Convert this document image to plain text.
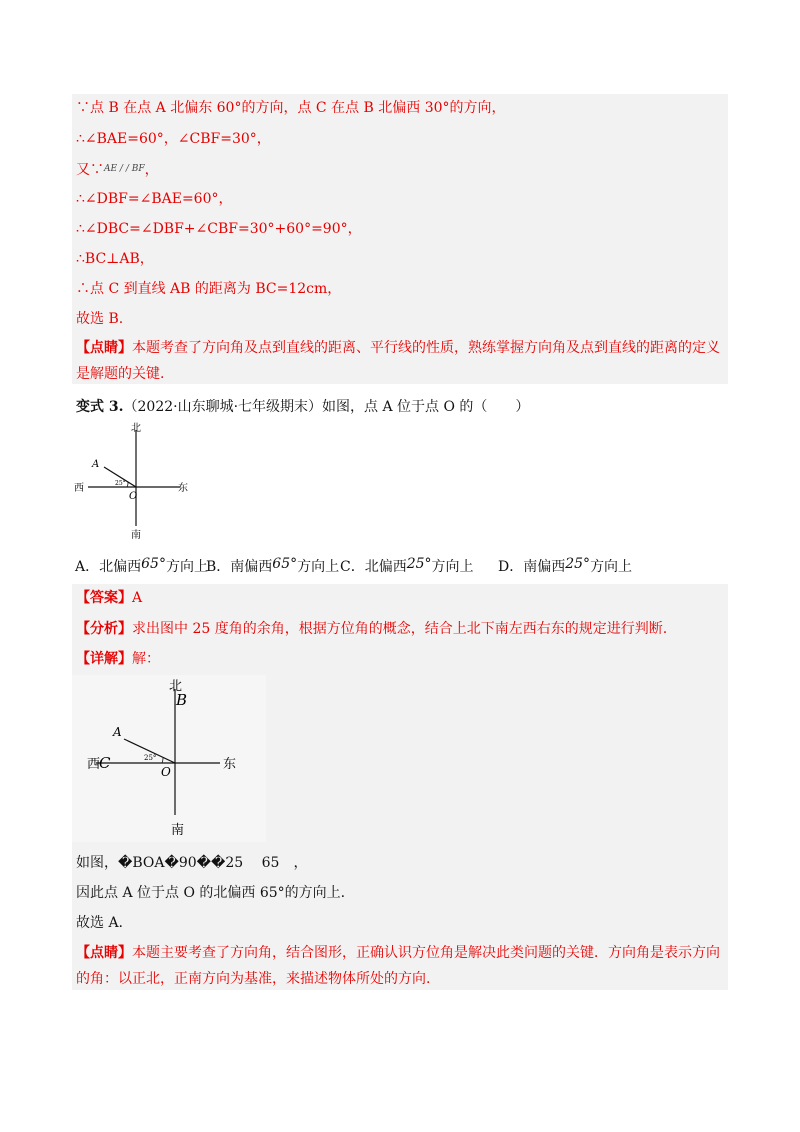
∵点 B 在点 A 北偏东 60°的方向，点 C 在点 B 北偏西 30°的方向，
∴∠BAE=60°，∠CBF=30°，
又∵$^{AE / / BF}$，
∴∠DBF=∠BAE=60°，
∴∠DBC=∠DBF+∠CBF=30°+60°=90°，
∴BC⊥AB，
∴点 C 到直线 AB 的距离为 BC=12cm，
故选 B.
【点睛】本题考查了方向角及点到直线的距离、平行线的性质，熟练掌握方向角及点到直线的距离的定义
是解题的关键.
变式 3.（2022·山东聊城·七年级期末）如图，点 A 位于点 O 的（　　）
北
南
西	东
A
O
25°
A．北偏西65°方向上
B．南偏西65°方向上 C．北偏西25°方向上 D．南偏西25°方向上
【答案】A
【分析】求出图中 25 度角的余角，根据方位角的概念，结合上北下南左西右东的规定进行判断.
【详解】解：
北
南
西	东
B
C
A
O
25°
如图，�BOA�90��25　 65　，
因此点 A 位于点 O 的北偏西 65°的方向上.
故选 A.
【点睛】本题主要考查了方向角，结合图形，正确认识方位角是解决此类问题的关键．方向角是表示方向
的角：以正北，正南方向为基准，来描述物体所处的方向.
